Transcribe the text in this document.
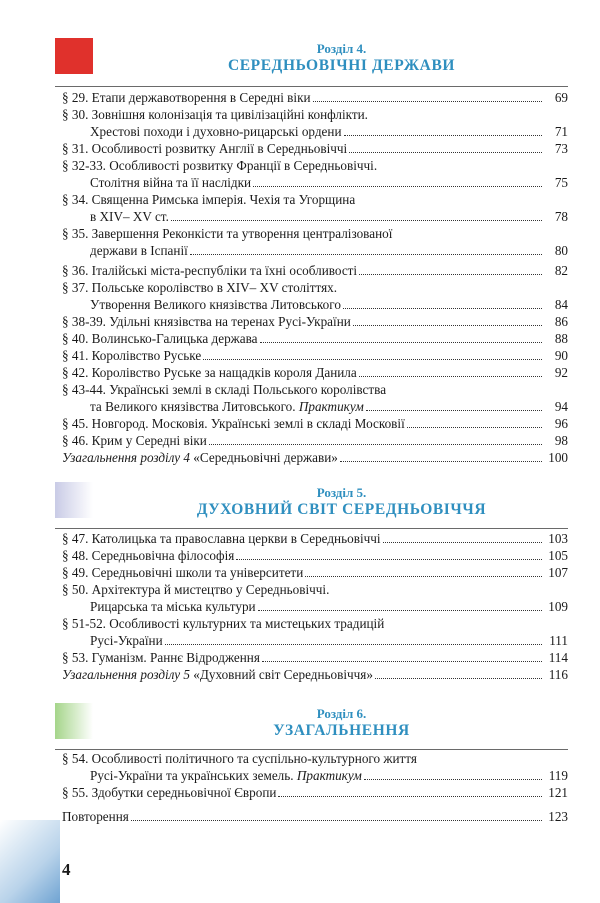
Розділ 4.
СЕРЕДНЬОВІЧНІ ДЕРЖАВИ
§ 29. Етапи державотворення в Середні віки	69
§ 30. Зовнішня колонізація та цивілізаційні конфлікти.
Хрестові походи і духовно-рицарські ордени	71
§ 31. Особливості розвитку Англії в Середньовіччі	73
§ 32-33. Особливості розвитку Франції в Середньовіччі.
Столітня війна та її наслідки	75
§ 34. Священна Римська імперія. Чехія та Угорщина
в XIV– XV ст.	78
§ 35. Завершення Реконкісти та утворення централізованої
держави в Іспанії	80
§ 36. Італійські міста-республіки та їхні особливості	82
§ 37. Польське королівство в XIV– XV століттях.
Утворення Великого князівства Литовського	84
§ 38-39. Удільні князівства на теренах Русі-України	86
§ 40. Волинсько-Галицька держава	88
§ 41. Королівство Руське	90
§ 42. Королівство Руське за нащадків короля Данила	92
§ 43-44. Українські землі в складі Польського королівства
та Великого князівства Литовського. Практикум	94
§ 45. Новгород. Московія. Українські землі в складі Московії	96
§ 46. Крим у Середні віки	98
Узагальнення розділу 4 «Середньовічні держави»	100
Розділ 5.
ДУХОВНИЙ СВІТ СЕРЕДНЬОВІЧЧЯ
§ 47. Католицька та православна церкви в Середньовіччі	103
§ 48. Середньовічна філософія	105
§ 49. Середньовічні школи та університети	107
§ 50. Архітектура й мистецтво у Середньовіччі.
Рицарська та міська культури	109
§ 51-52. Особливості культурних та мистецьких традицій
Русі-України	111
§ 53. Гуманізм. Раннє Відродження	114
Узагальнення розділу 5 «Духовний світ Середньовіччя»	116
Розділ 6.
УЗАГАЛЬНЕННЯ
§ 54. Особливості політичного та суспільно-культурного життя
Русі-України та українських земель. Практикум	119
§ 55. Здобутки середньовічної Європи	121
Повторення	123
4
